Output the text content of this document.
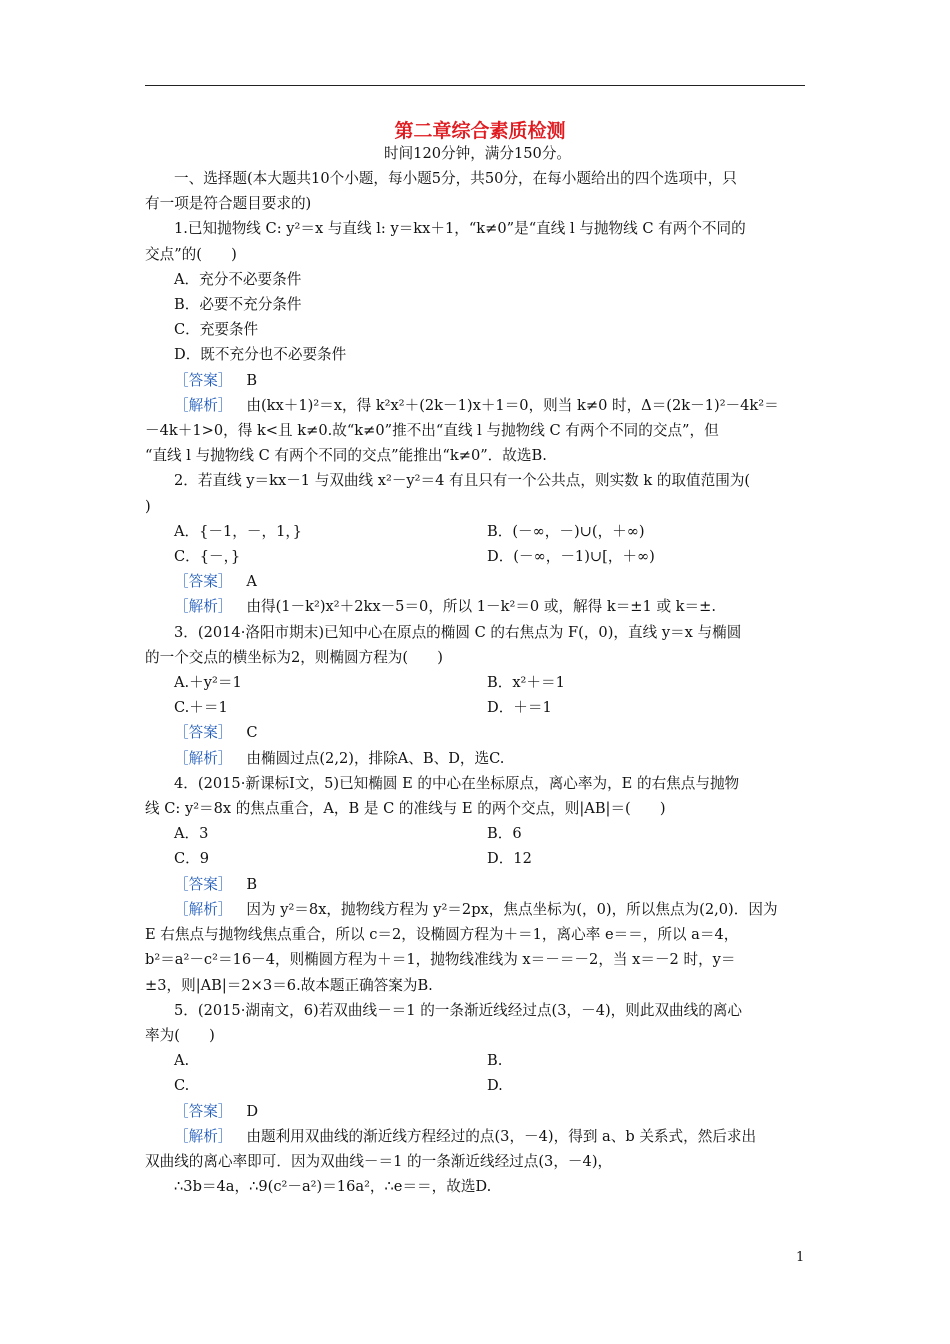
第二章综合素质检测
时间120分钟，满分150分。
一、选择题(本大题共10个小题，每小题5分，共50分，在每小题给出的四个选项中，只
有一项是符合题目要求的)
1.已知抛物线 C: y²＝x 与直线 l: y＝kx＋1，“k≠0”是“直线 l 与抛物线 C 有两个不同的
交点”的(　　)
A．充分不必要条件
B．必要不充分条件
C．充要条件
D．既不充分也不必要条件
［答案］ B
［解析］ 由(kx＋1)²＝x，得 k²x²＋(2k－1)x＋1＝0，则当 k≠0 时，Δ＝(2k－1)²－4k²＝
－4k＋1>0，得 k<且 k≠0.故“k≠0”推不出“直线 l 与抛物线 C 有两个不同的交点”，但
“直线 l 与抛物线 C 有两个不同的交点”能推出“k≠0”．故选B.
2．若直线 y＝kx－1 与双曲线 x²－y²＝4 有且只有一个公共点，则实数 k 的取值范围为(
)
A．{－1，－，1，}	B．(－∞，－)∪(，＋∞)
C．{－，}	D．(－∞，－1)∪[，＋∞)
［答案］ A
［解析］ 由得(1－k²)x²＋2kx－5＝0，所以 1－k²＝0 或，解得 k＝±1 或 k＝±.
3．(2014·洛阳市期末)已知中心在原点的椭圆 C 的右焦点为 F(，0)，直线 y＝x 与椭圆
的一个交点的横坐标为2，则椭圆方程为(　　)
A.＋y²＝1	B．x²＋＝1
C.＋＝1	D．＋＝1
［答案］ C
［解析］ 由椭圆过点(2,2)，排除A、B、D，选C.
4．(2015·新课标Ⅰ文，5)已知椭圆 E 的中心在坐标原点，离心率为，E 的右焦点与抛物
线 C: y²＝8x 的焦点重合，A，B 是 C 的准线与 E 的两个交点，则|AB|＝(　　)
A．3	B．6
C．9	D．12
［答案］ B
［解析］ 因为 y²＝8x，抛物线方程为 y²＝2px，焦点坐标为(，0)，所以焦点为(2,0)．因为
E 右焦点与抛物线焦点重合，所以 c＝2，设椭圆方程为＋＝1，离心率 e＝＝，所以 a＝4，
b²＝a²－c²＝16－4，则椭圆方程为＋＝1，抛物线准线为 x＝－＝－2，当 x＝－2 时，y＝
±3，则|AB|＝2×3＝6.故本题正确答案为B.
5．(2015·湖南文，6)若双曲线－＝1 的一条渐近线经过点(3，－4)，则此双曲线的离心
率为(　　)
A.	B.
C.	D.
［答案］ D
［解析］ 由题利用双曲线的渐近线方程经过的点(3，－4)，得到 a、b 关系式，然后求出
双曲线的离心率即可．因为双曲线－＝1 的一条渐近线经过点(3，－4)，
∴3b＝4a，∴9(c²－a²)＝16a²，∴e＝＝，故选D.
1
